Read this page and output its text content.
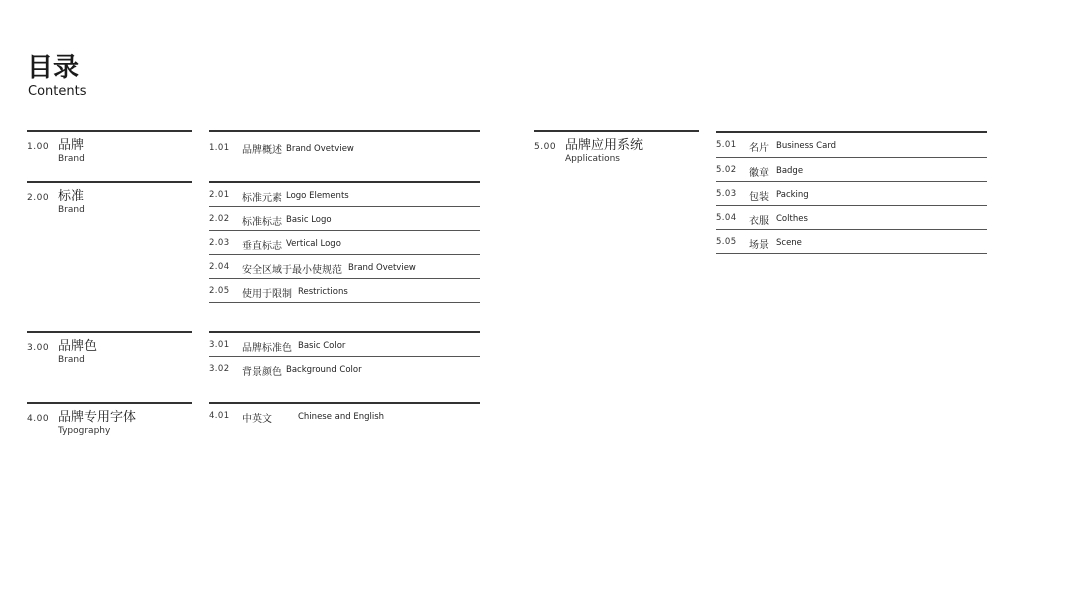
目录
Contents
1.00 品牌
Brand
1.01 品牌概述 Brand Ovetview
2.00 标准
Brand
2.01 标准元素 Logo Elements
2.02 标准标志 Basic Logo
2.03 垂直标志 Vertical Logo
2.04 安全区域于最小使规范 Brand Ovetview
2.05 使用于限制 Restrictions
3.00 品牌色
Brand
3.01 品牌标准色 Basic Color
3.02 背景颜色 Background Color
4.00 品牌专用字体
Typography
4.01 中英文	Chinese and English
5.00 品牌应用系统
Applications
5.01 名片 Business Card
5.02 徽章 Badge
5.03 包装 Packing
5.04 衣服 Colthes
5.05 场景 Scene
